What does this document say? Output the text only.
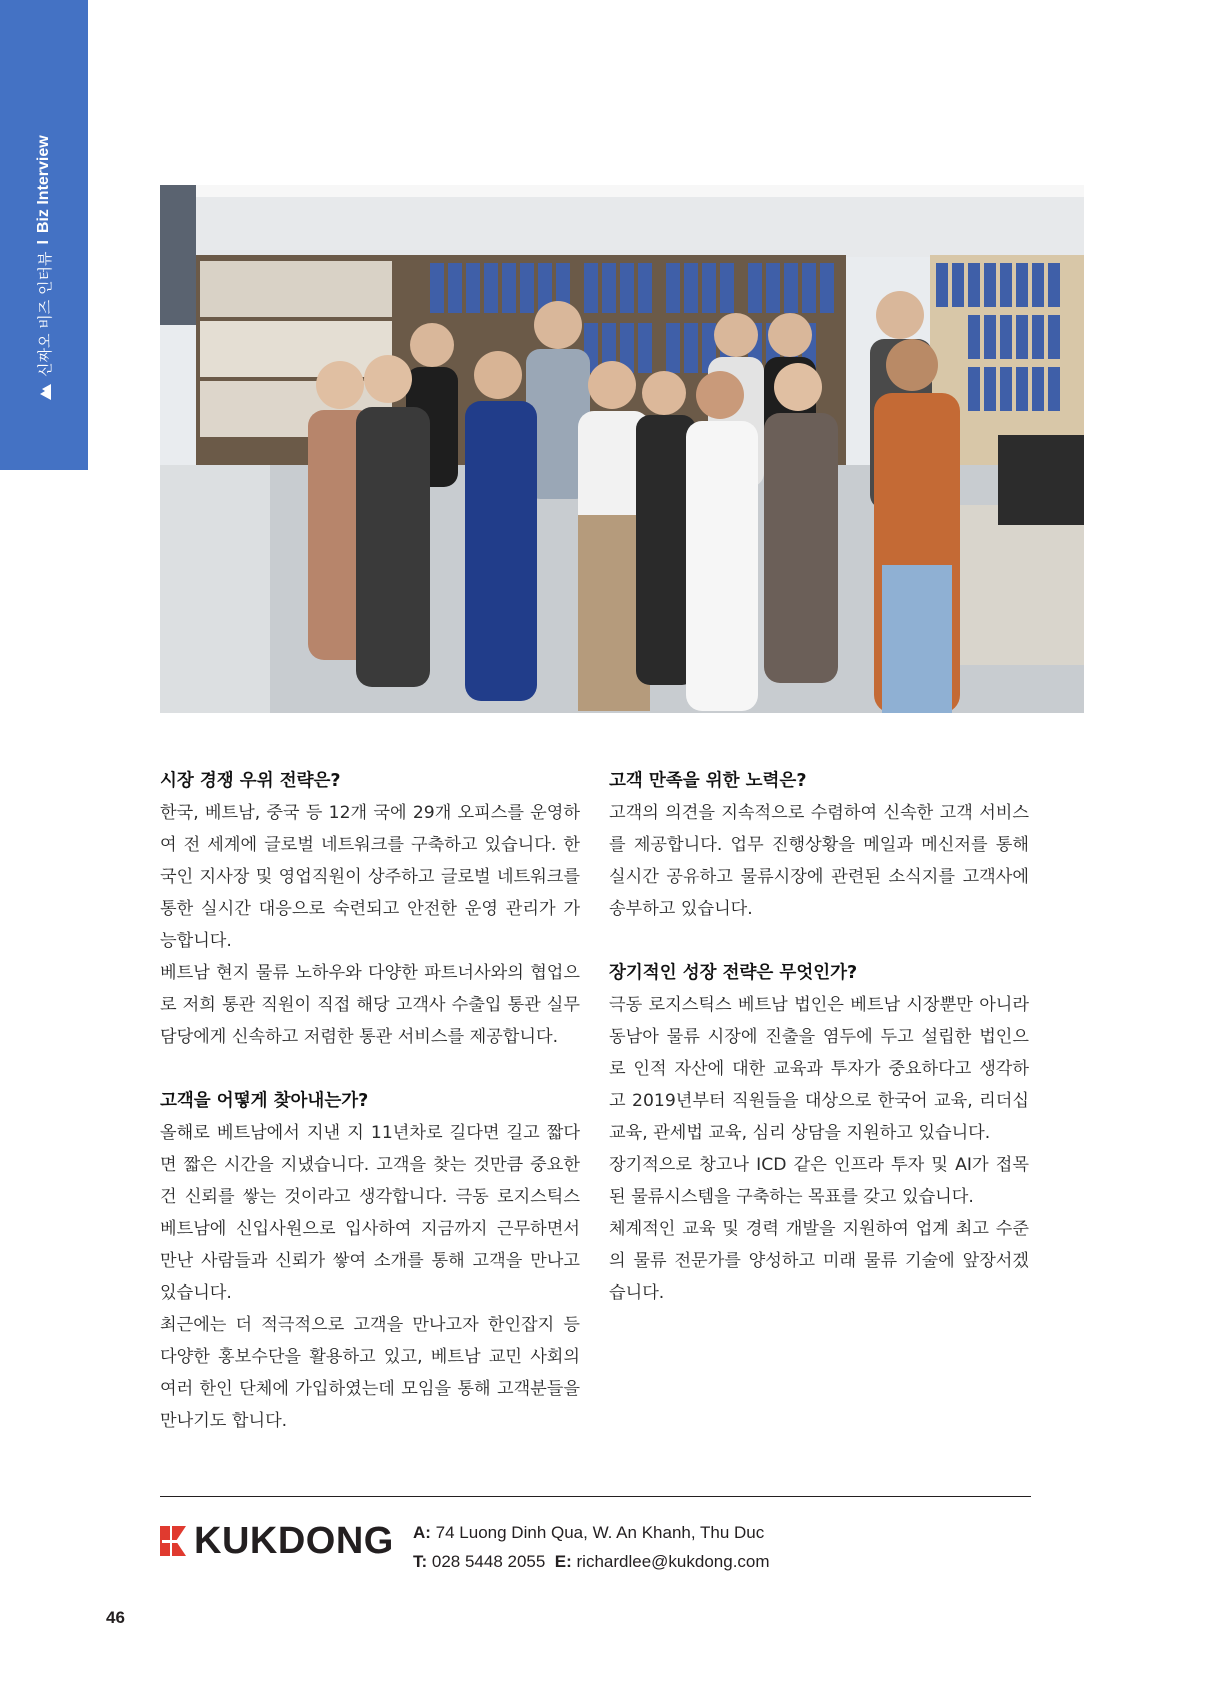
신짜오 비즈 인터뷰
I
Biz Interview

시장 경쟁 우위 전략은?

한국, 베트남, 중국 등 12개 국에 29개 오피스를 운영하여 전 세계에 글로벌 네트워크를 구축하고 있습니다. 한국인 지사장 및 영업직원이 상주하고 글로벌 네트워크를 통한 실시간 대응으로 숙련되고 안전한 운영 관리가 가능합니다.

베트남 현지 물류 노하우와 다양한 파트너사와의 협업으로 저희 통관 직원이 직접 해당 고객사 수출입 통관 실무 담당에게 신속하고 저렴한 통관 서비스를 제공합니다.

고객을 어떻게 찾아내는가?

올해로 베트남에서 지낸 지 11년차로 길다면 길고 짧다면 짧은 시간을 지냈습니다. 고객을 찾는 것만큼 중요한 건 신뢰를 쌓는 것이라고 생각합니다. 극동 로지스틱스 베트남에 신입사원으로 입사하여 지금까지 근무하면서 만난 사람들과 신뢰가 쌓여 소개를 통해 고객을 만나고 있습니다.

최근에는 더 적극적으로 고객을 만나고자 한인잡지 등 다양한 홍보수단을 활용하고 있고, 베트남 교민 사회의 여러 한인 단체에 가입하였는데 모임을 통해 고객분들을 만나기도 합니다.

고객 만족을 위한 노력은?

고객의 의견을 지속적으로 수렴하여 신속한 고객 서비스를 제공합니다. 업무 진행상황을 메일과 메신저를 통해 실시간 공유하고 물류시장에 관련된 소식지를 고객사에 송부하고 있습니다.

장기적인 성장 전략은 무엇인가?

극동 로지스틱스 베트남 법인은 베트남 시장뿐만 아니라 동남아 물류 시장에 진출을 염두에 두고 설립한 법인으로 인적 자산에 대한 교육과 투자가 중요하다고 생각하고 2019년부터 직원들을 대상으로 한국어 교육, 리더십 교육, 관세법 교육, 심리 상담을 지원하고 있습니다.

장기적으로 창고나 ICD 같은 인프라 투자 및 AI가 접목된 물류시스템을 구축하는 목표를 갖고 있습니다.

체계적인 교육 및 경력 개발을 지원하여 업계 최고 수준의 물류 전문가를 양성하고 미래 물류 기술에 앞장서겠습니다.

KUKDONG A: 74 Luong Dinh Qua, W. An Khanh, Thu Duc
T: 028 5448 2055 E: richardlee@kukdong.com
46
